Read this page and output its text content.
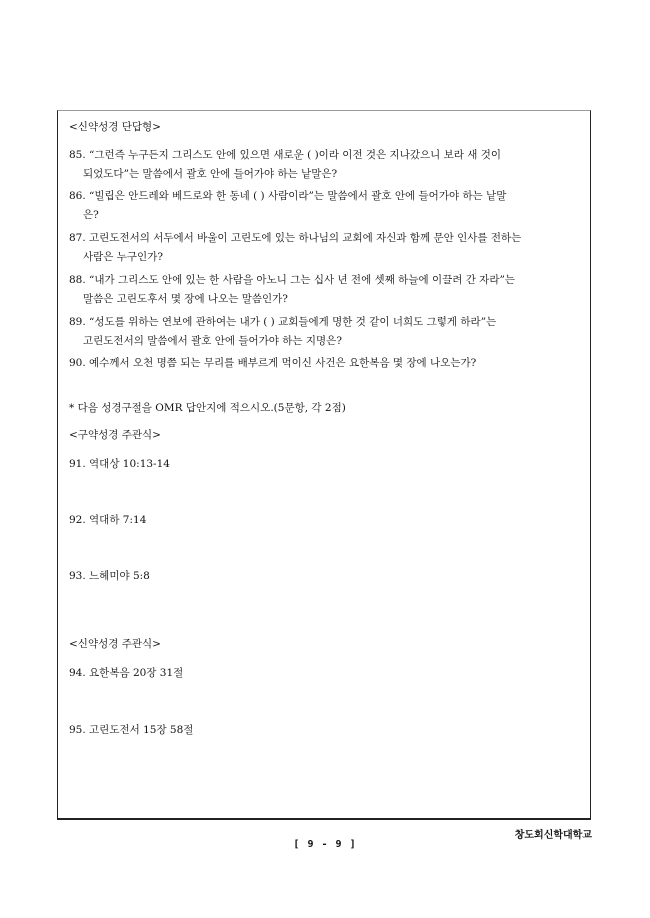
<신약성경 단답형>
85. “그런즉 누구든지 그리스도 안에 있으면 새로운 ( )이라 이전 것은 지나갔으니 보라 새 것이
되었도다”는 말씀에서 괄호 안에 들어가야 하는 낱말은?
86. “빌립은 안드레와 베드로와 한 동네 ( ) 사람이라”는 말씀에서 괄호 안에 들어가야 하는 낱말
은?
87. 고린도전서의 서두에서 바울이 고린도에 있는 하나님의 교회에 자신과 함께 문안 인사를 전하는
사람은 누구인가?
88. “내가 그리스도 안에 있는 한 사람을 아노니 그는 십사 년 전에 셋째 하늘에 이끌려 간 자라”는
말씀은 고린도후서 몇 장에 나오는 말씀인가?
89. “성도를 위하는 연보에 관하여는 내가 ( ) 교회들에게 명한 것 같이 너희도 그렇게 하라”는
고린도전서의 말씀에서 괄호 안에 들어가야 하는 지명은?
90. 예수께서 오천 명쯤 되는 무리를 배부르게 먹이신 사건은 요한복음 몇 장에 나오는가?
* 다음 성경구절을 OMR 답안지에 적으시오.(5문항, 각 2점)
<구약성경 주관식>
91. 역대상 10:13-14
92. 역대하 7:14
93. 느헤미야 5:8
<신약성경 주관식>
94. 요한복음 20장 31절
95. 고린도전서 15장 58절
창도회신학대학교
[ 9 - 9 ]
